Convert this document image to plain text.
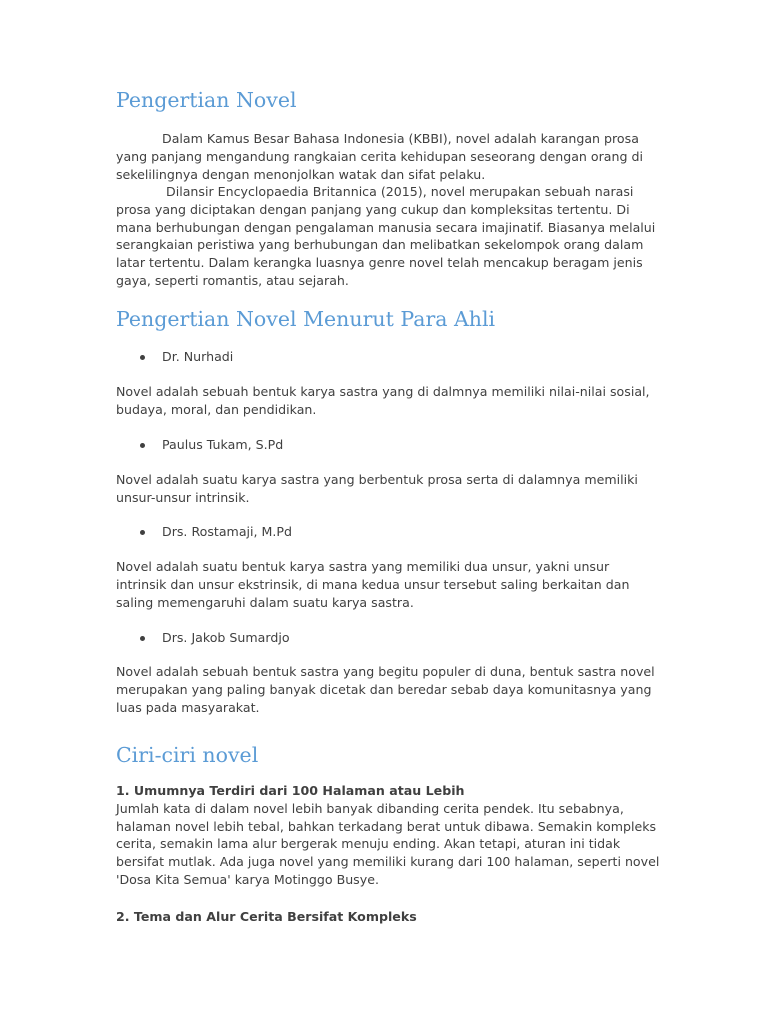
Pengertian Novel

Dalam Kamus Besar Bahasa Indonesia (KBBI), novel adalah karangan prosa
yang panjang mengandung rangkaian cerita kehidupan seseorang dengan orang di
sekelilingnya dengan menonjolkan watak dan sifat pelaku.

Dilansir Encyclopaedia Britannica (2015), novel merupakan sebuah narasi
prosa yang diciptakan dengan panjang yang cukup dan kompleksitas tertentu. Di
mana berhubungan dengan pengalaman manusia secara imajinatif. Biasanya melalui
serangkaian peristiwa yang berhubungan dan melibatkan sekelompok orang dalam
latar tertentu. Dalam kerangka luasnya genre novel telah mencakup beragam jenis
gaya, seperti romantis, atau sejarah.

Pengertian Novel Menurut Para Ahli
Dr. Nurhadi

Novel adalah sebuah bentuk karya sastra yang di dalmnya memiliki nilai-nilai sosial,
budaya, moral, dan pendidikan.

Paulus Tukam, S.Pd

Novel adalah suatu karya sastra yang berbentuk prosa serta di dalamnya memiliki
unsur-unsur intrinsik.

Drs. Rostamaji, M.Pd

Novel adalah suatu bentuk karya sastra yang memiliki dua unsur, yakni unsur
intrinsik dan unsur ekstrinsik, di mana kedua unsur tersebut saling berkaitan dan
saling memengaruhi dalam suatu karya sastra.

Drs. Jakob Sumardjo

Novel adalah sebuah bentuk sastra yang begitu populer di duna, bentuk sastra novel
merupakan yang paling banyak dicetak dan beredar sebab daya komunitasnya yang
luas pada masyarakat.

Ciri-ciri novel

1. Umumnya Terdiri dari 100 Halaman atau Lebih
Jumlah kata di dalam novel lebih banyak dibanding cerita pendek. Itu sebabnya,
halaman novel lebih tebal, bahkan terkadang berat untuk dibawa. Semakin kompleks
cerita, semakin lama alur bergerak menuju ending. Akan tetapi, aturan ini tidak
bersifat mutlak. Ada juga novel yang memiliki kurang dari 100 halaman, seperti novel
'Dosa Kita Semua' karya Motinggo Busye.

2. Tema dan Alur Cerita Bersifat Kompleks
